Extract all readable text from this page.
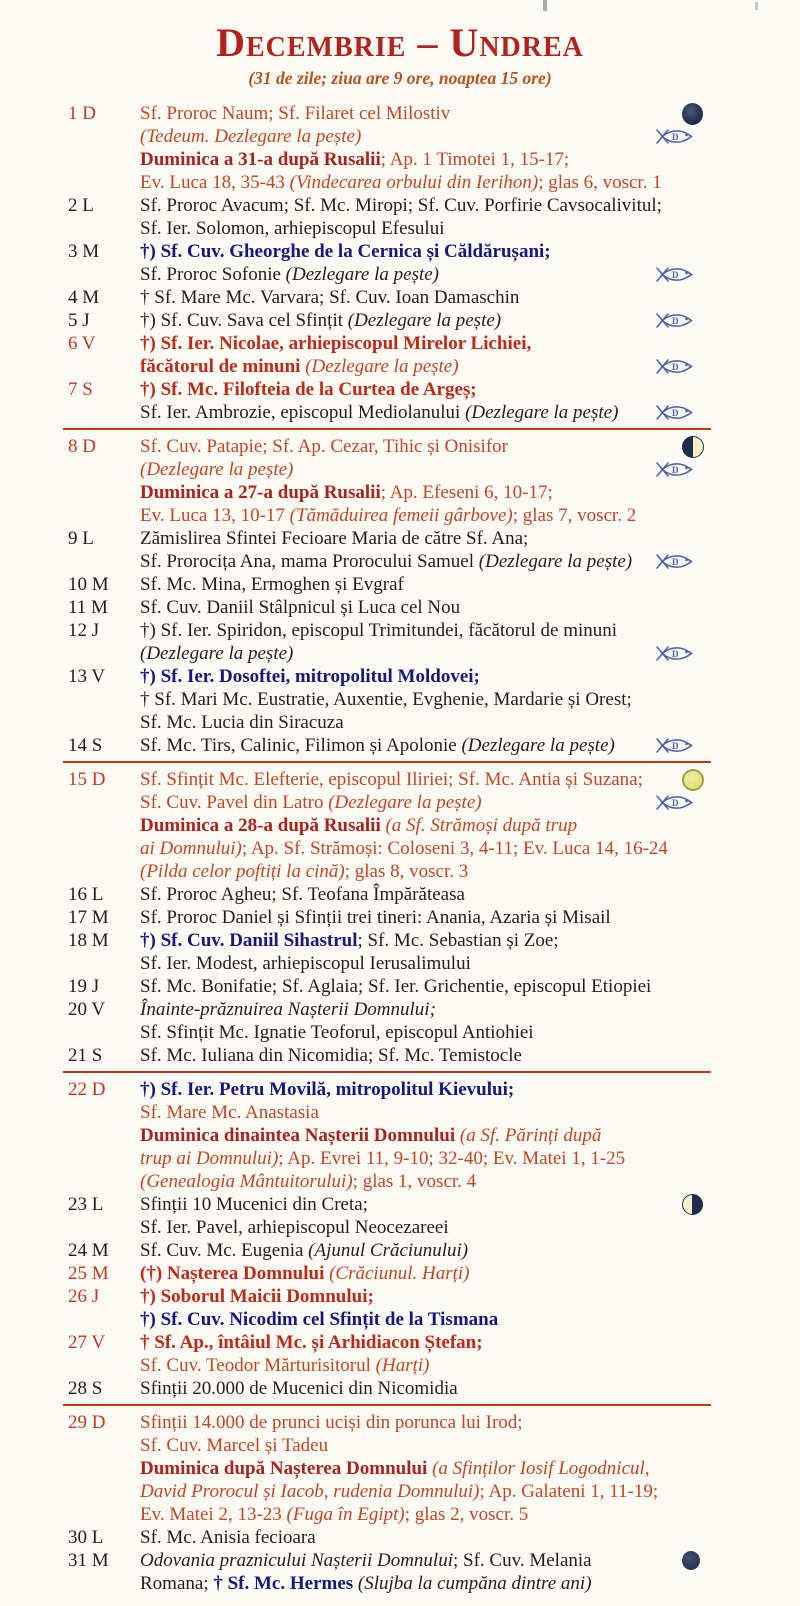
Decembrie – Undrea
(31 de zile; ziua are 9 ore, noaptea 15 ore)
1 D	Sf. Proroc Naum; Sf. Filaret cel Milostiv
(Tedeum. Dezlegare la pește)	D
Duminica a 31-a după Rusalii; Ap. 1 Timotei 1, 15-17;
Ev. Luca 18, 35-43 (Vindecarea orbului din Ierihon); glas 6, voscr. 1
2 L	Sf. Proroc Avacum; Sf. Mc. Miropi; Sf. Cuv. Porfirie Cavsocalivitul;
Sf. Ier. Solomon, arhiepiscopul Efesului
3 M	†) Sf. Cuv. Gheorghe de la Cernica și Căldărușani;
Sf. Proroc Sofonie (Dezlegare la pește)	D
4 M	† Sf. Mare Mc. Varvara; Sf. Cuv. Ioan Damaschin
5 J	†) Sf. Cuv. Sava cel Sfințit (Dezlegare la pește)	D
6 V	†) Sf. Ier. Nicolae, arhiepiscopul Mirelor Lichiei,
făcătorul de minuni (Dezlegare la pește)	D
7 S	†) Sf. Mc. Filofteia de la Curtea de Argeș;
Sf. Ier. Ambrozie, episcopul Mediolanului (Dezlegare la pește)	D
8 D	Sf. Cuv. Patapie; Sf. Ap. Cezar, Tihic și Onisifor
(Dezlegare la pește)	D
Duminica a 27-a după Rusalii; Ap. Efeseni 6, 10-17;
Ev. Luca 13, 10-17 (Tămăduirea femeii gârbove); glas 7, voscr. 2
9 L	Zămislirea Sfintei Fecioare Maria de către Sf. Ana;
Sf. Prorocița Ana, mama Prorocului Samuel (Dezlegare la pește)	D
10 M	Sf. Mc. Mina, Ermoghen și Evgraf
11 M	Sf. Cuv. Daniil Stâlpnicul și Luca cel Nou
12 J	†) Sf. Ier. Spiridon, episcopul Trimitundei, făcătorul de minuni
(Dezlegare la pește)	D
13 V	†) Sf. Ier. Dosoftei, mitropolitul Moldovei;
† Sf. Mari Mc. Eustratie, Auxentie, Evghenie, Mardarie și Orest;
Sf. Mc. Lucia din Siracuza
14 S	Sf. Mc. Tirs, Calinic, Filimon și Apolonie (Dezlegare la pește)	D
15 D	Sf. Sfințit Mc. Elefterie, episcopul Iliriei; Sf. Mc. Antia și Suzana;
Sf. Cuv. Pavel din Latro (Dezlegare la pește)	D
Duminica a 28-a după Rusalii (a Sf. Strămoși după trup
ai Domnului); Ap. Sf. Strămoși: Coloseni 3, 4-11; Ev. Luca 14, 16-24
(Pilda celor poftiți la cină); glas 8, voscr. 3
16 L	Sf. Proroc Agheu; Sf. Teofana Împărăteasa
17 M	Sf. Proroc Daniel și Sfinții trei tineri: Anania, Azaria și Misail
18 M	†) Sf. Cuv. Daniil Sihastrul; Sf. Mc. Sebastian și Zoe;
Sf. Ier. Modest, arhiepiscopul Ierusalimului
19 J	Sf. Mc. Bonifatie; Sf. Aglaia; Sf. Ier. Grichentie, episcopul Etiopiei
20 V	Înainte-prăznuirea Nașterii Domnului;
Sf. Sfințit Mc. Ignatie Teoforul, episcopul Antiohiei
21 S	Sf. Mc. Iuliana din Nicomidia; Sf. Mc. Temistocle
22 D	†) Sf. Ier. Petru Movilă, mitropolitul Kievului;
Sf. Mare Mc. Anastasia
Duminica dinaintea Nașterii Domnului (a Sf. Părinți după
trup ai Domnului); Ap. Evrei 11, 9-10; 32-40; Ev. Matei 1, 1-25
(Genealogia Mântuitorului); glas 1, voscr. 4
23 L	Sfinții 10 Mucenici din Creta;
Sf. Ier. Pavel, arhiepiscopul Neocezareei
24 M	Sf. Cuv. Mc. Eugenia (Ajunul Crăciunului)
25 M	(†) Nașterea Domnului (Crăciunul. Harți)
26 J	†) Soborul Maicii Domnului;
†) Sf. Cuv. Nicodim cel Sfințit de la Tismana
27 V	† Sf. Ap., întâiul Mc. și Arhidiacon Ștefan;
Sf. Cuv. Teodor Mărturisitorul (Harți)
28 S	Sfinții 20.000 de Mucenici din Nicomidia
29 D	Sfinții 14.000 de prunci uciși din porunca lui Irod;
Sf. Cuv. Marcel și Tadeu
Duminica după Nașterea Domnului (a Sfinților Iosif Logodnicul,
David Prorocul și Iacob, rudenia Domnului); Ap. Galateni 1, 11-19;
Ev. Matei 2, 13-23 (Fuga în Egipt); glas 2, voscr. 5
30 L	Sf. Mc. Anisia fecioara
31 M	Odovania praznicului Nașterii Domnului; Sf. Cuv. Melania
Romana; † Sf. Mc. Hermes (Slujba la cumpăna dintre ani)
